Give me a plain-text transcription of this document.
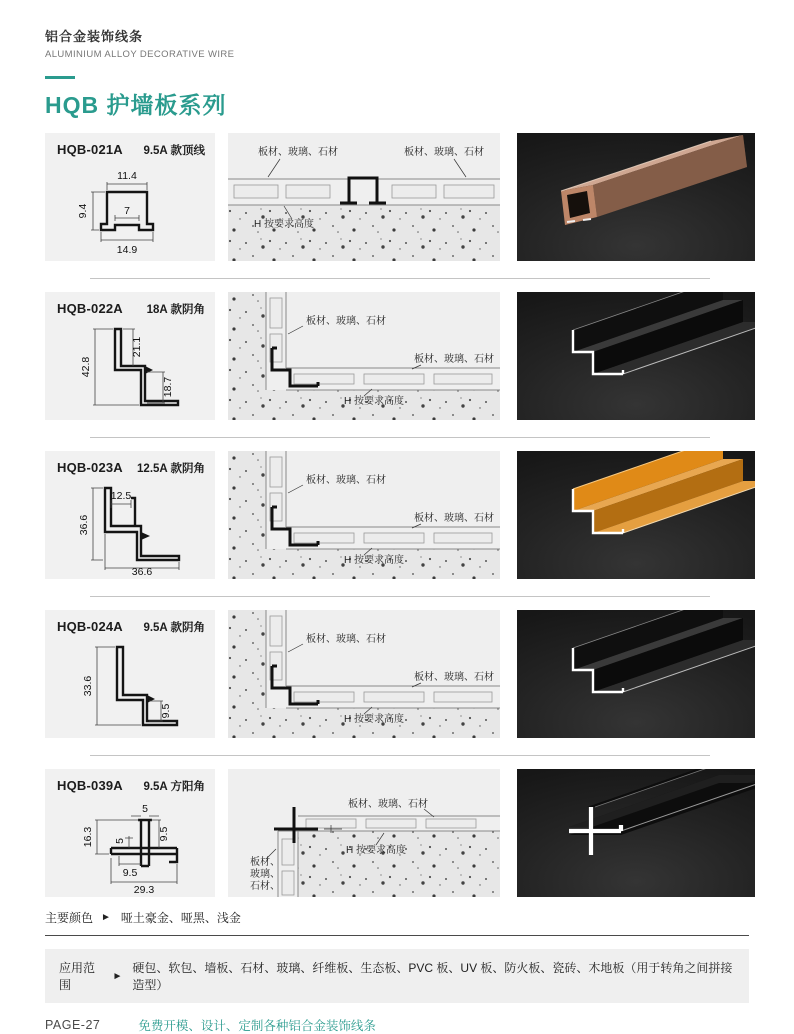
铝合金装饰线条
ALUMINIUM ALLOY DECORATIVE WIRE
HQB 护墙板系列
HQB-021A 9.5A 款顶线
11.4
9.4	7
14.9
板材、玻璃、石材	板材、玻璃、石材
H 按要求高度
HQB-022A 18A 款阴角
42.8
21.1
18.7
板材、玻璃、石材
板材、玻璃、石材
H 按要求高度
HQB-023A 12.5A 款阴角
12.5
36.6
36.6
板材、玻璃、石材
板材、玻璃、石材
H 按要求高度
HQB-024A 9.5A 款阴角
33.6
9.5
板材、玻璃、石材
板材、玻璃、石材
H 按要求高度
HQB-039A 9.5A 方阳角
5
16.3	9.5
5
9.5
29.3
板材、玻璃、石材
H 按要求高度
板材、
玻璃、
石材、
主要颜色 ► 哑土豪金、哑黑、浅金
应用范围
►
硬包、软包、墙板、石材、玻璃、纤维板、生态板、PVC 板、UV 板、防火板、瓷砖、木地板（用于转角之间拼接造型）
PAGE-27	免费开模、设计、定制各种铝合金装饰线条
